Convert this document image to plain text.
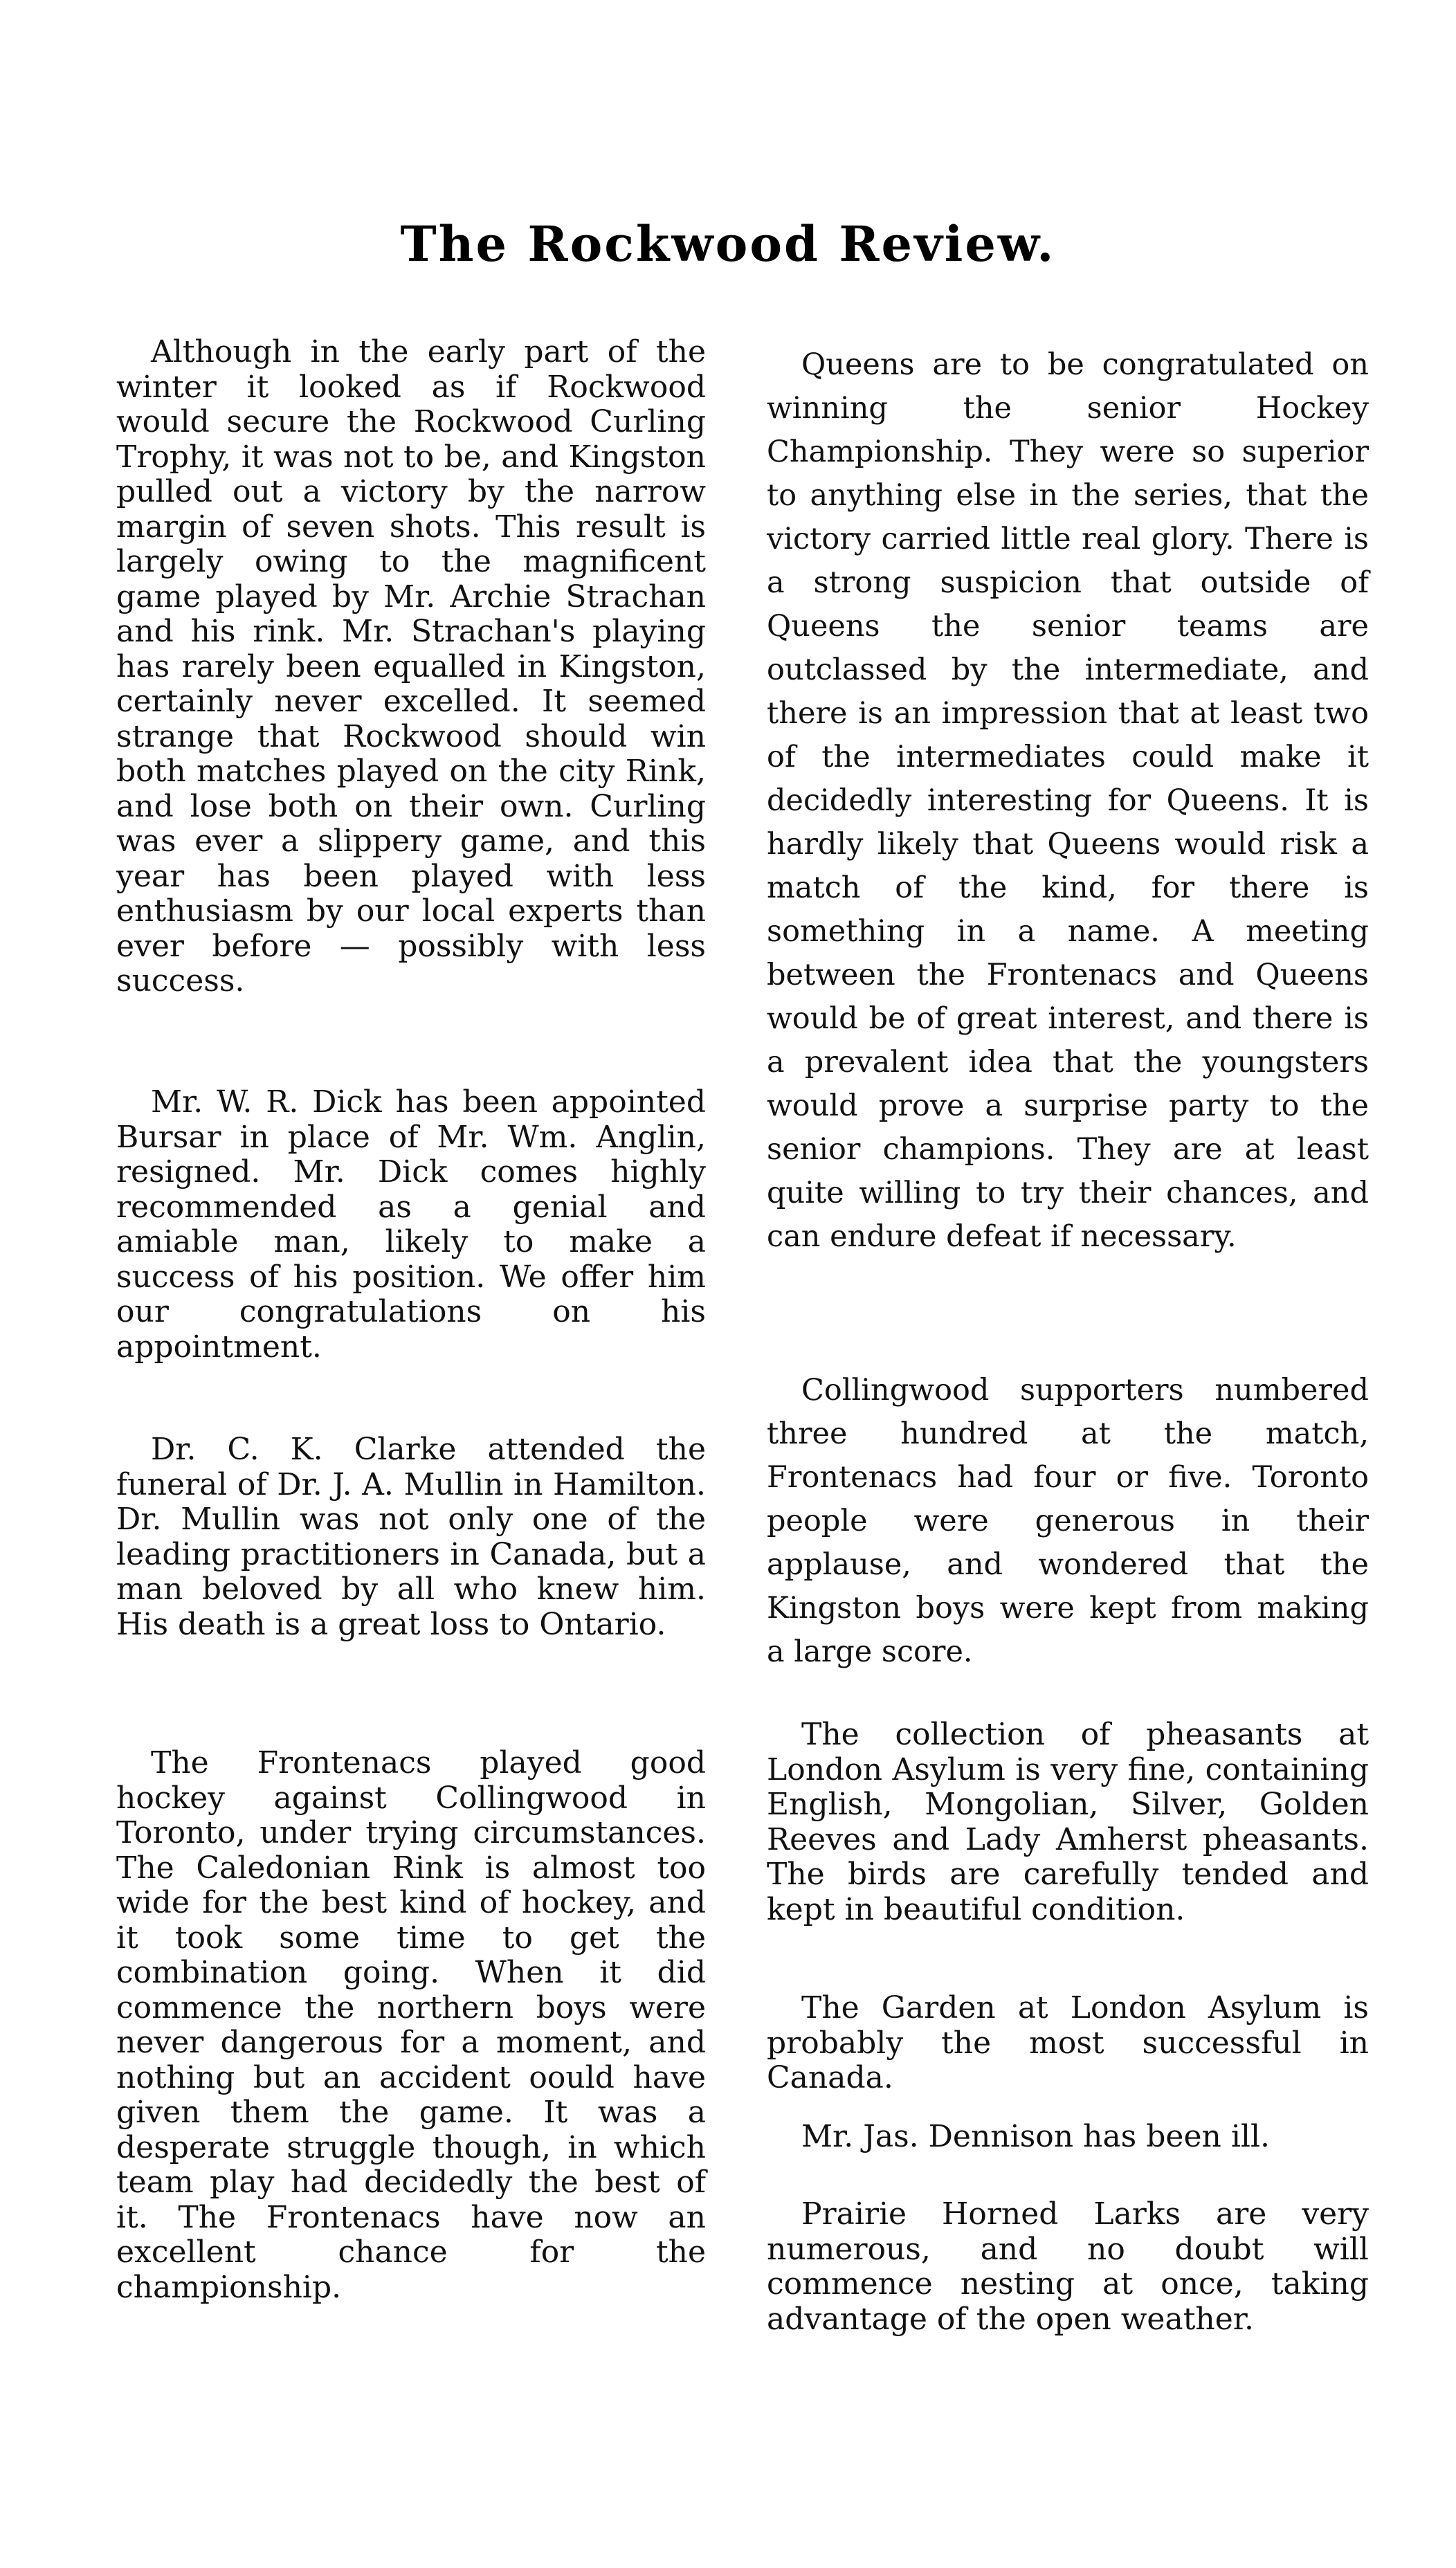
The Rockwood Review.

Although in the early part of the winter it looked as if Rockwood would secure the Rockwood Curling Trophy, it was not to be, and Kingston pulled out a victory by the narrow margin of seven shots. This result is largely owing to the magnificent game played by Mr. Archie Strachan and his rink. Mr. Strachan's playing has rarely been equalled in Kingston, certainly never excelled. It seemed strange that Rockwood should win both matches played on the city Rink, and lose both on their own. Curling was ever a slippery game, and this year has been played with less enthusiasm by our local experts than ever before — possibly with less success.

Mr. W. R. Dick has been appointed Bursar in place of Mr. Wm. Anglin, resigned. Mr. Dick comes highly recommended as a genial and amiable man, likely to make a success of his position. We offer him our congratulations on his appointment.

Dr. C. K. Clarke attended the funeral of Dr. J. A. Mullin in Hamilton. Dr. Mullin was not only one of the leading practitioners in Canada, but a man beloved by all who knew him. His death is a great loss to Ontario.

The Frontenacs played good hockey against Collingwood in Toronto, under trying circumstances. The Caledonian Rink is almost too wide for the best kind of hockey, and it took some time to get the combination going. When it did commence the northern boys were never dangerous for a moment, and nothing but an accident oould have given them the game. It was a desperate struggle though, in which team play had decidedly the best of it. The Frontenacs have now an excellent chance for the championship.

Queens are to be congratulated on winning the senior Hockey Championship. They were so superior to anything else in the series, that the victory carried little real glory. There is a strong suspicion that outside of Queens the senior teams are outclassed by the intermediate, and there is an impression that at least two of the intermediates could make it decidedly interesting for Queens. It is hardly likely that Queens would risk a match of the kind, for there is something in a name. A meeting between the Frontenacs and Queens would be of great interest, and there is a prevalent idea that the youngsters would prove a surprise party to the senior champions. They are at least quite willing to try their chances, and can endure defeat if necessary.

Collingwood supporters numbered three hundred at the match, Frontenacs had four or five. Toronto people were generous in their applause, and wondered that the Kingston boys were kept from making a large score.

The collection of pheasants at London Asylum is very fine, containing English, Mongolian, Silver, Golden Reeves and Lady Amherst pheasants. The birds are carefully tended and kept in beautiful condition.

The Garden at London Asylum is probably the most successful in Canada.

Mr. Jas. Dennison has been ill.

Prairie Horned Larks are very numerous, and no doubt will commence nesting at once, taking advantage of the open weather.
